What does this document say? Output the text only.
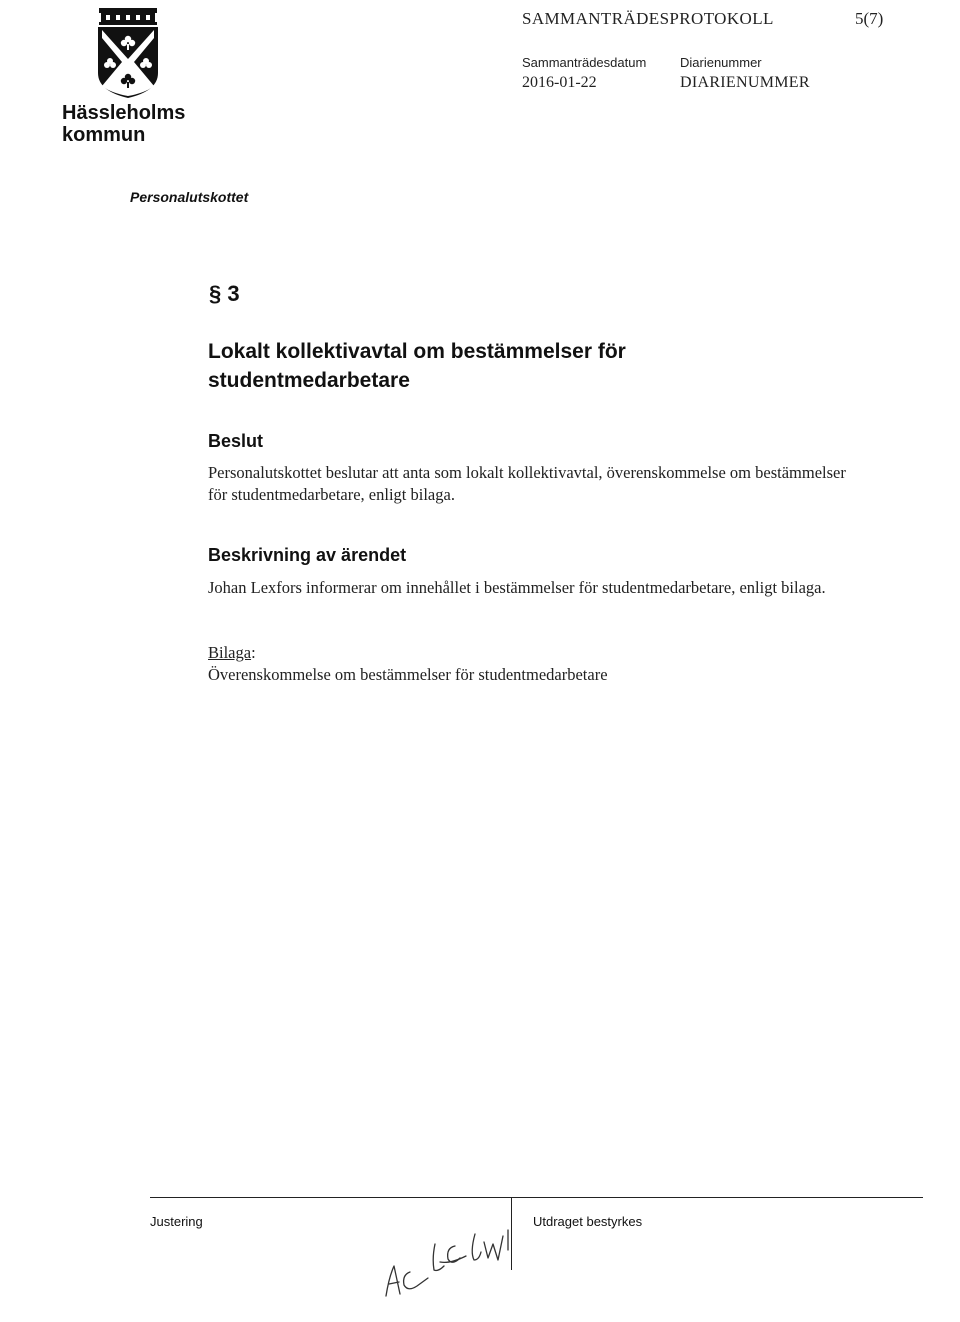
Hässleholms
kommun
SAMMANTRÄDESPROTOKOLL	5(7)
Sammanträdesdatum
2016-01-22
Diarienummer
DIARIENUMMER
Personalutskottet
§ 3
Lokalt kollektivavtal om bestämmelser för studentmedarbetare
Beslut
Personalutskottet beslutar att anta som lokalt kollektivavtal, överenskommelse om bestämmelser för studentmedarbetare, enligt bilaga.
Beskrivning av ärendet
Johan Lexfors informerar om innehållet i bestämmelser för studentmedarbetare, enligt bilaga.
Bilaga:
Överenskommelse om bestämmelser för studentmedarbetare
Justering	Utdraget bestyrkes
